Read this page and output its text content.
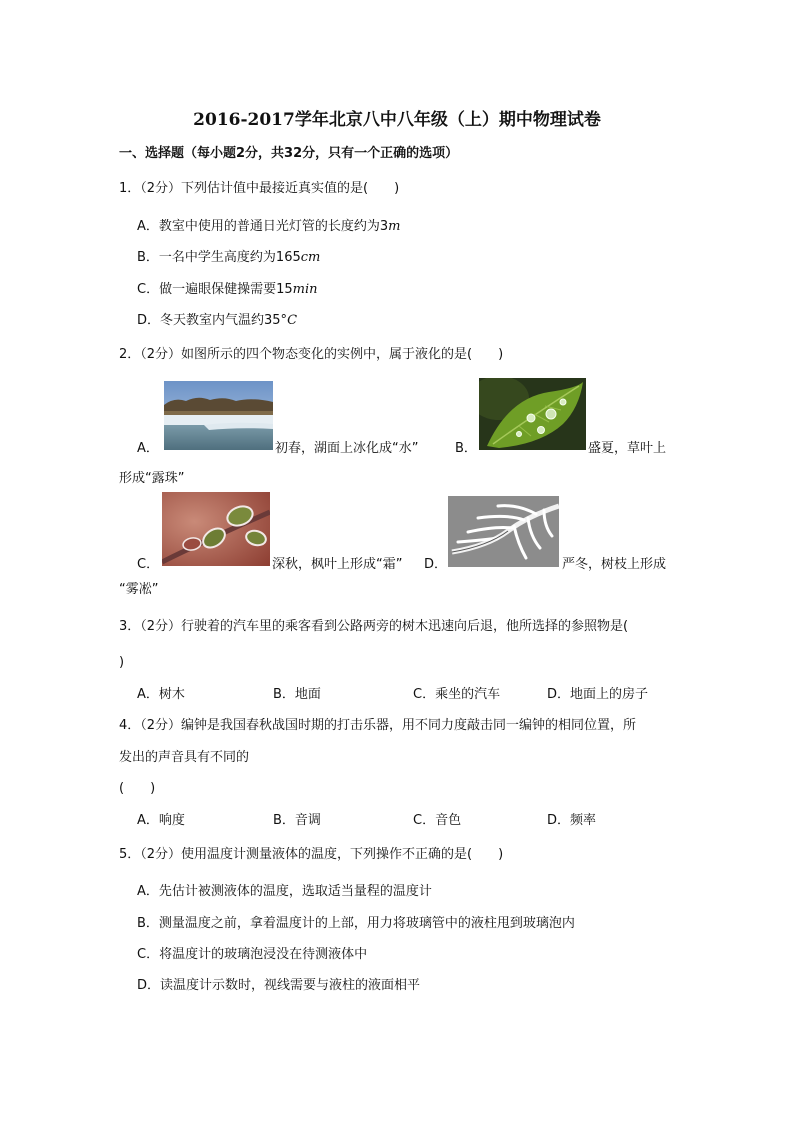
2016-2017学年北京八中八年级（上）期中物理试卷
一、选择题（每小题2分，共32分，只有一个正确的选项）
1．（2分）下列估计值中最接近真实值的是(　　)
A．教室中使用的普通日光灯管的长度约为3m
B．一名中学生高度约为165cm
C．做一遍眼保健操需要15min
D．冬天教室内气温约35°C
2．（2分）如图所示的四个物态变化的实例中，属于液化的是(　　)
A．	初春，湖面上冰化成“水”	B．	盛夏，草叶上
形成“露珠”
C．	深秋，枫叶上形成“霜” D．	严冬，树枝上形成
“雾凇”
3．（2分）行驶着的汽车里的乘客看到公路两旁的树木迅速向后退，他所选择的参照物是(
)
A．树木	B．地面	C．乘坐的汽车	D．地面上的房子
4．（2分）编钟是我国春秋战国时期的打击乐器，用不同力度敲击同一编钟的相同位置，所
发出的声音具有不同的
(　　)
A．响度	B．音调	C．音色	D．频率
5．（2分）使用温度计测量液体的温度，下列操作不正确的是(　　)
A．先估计被测液体的温度，选取适当量程的温度计
B．测量温度之前，拿着温度计的上部，用力将玻璃管中的液柱甩到玻璃泡内
C．将温度计的玻璃泡浸没在待测液体中
D．读温度计示数时，视线需要与液柱的液面相平
